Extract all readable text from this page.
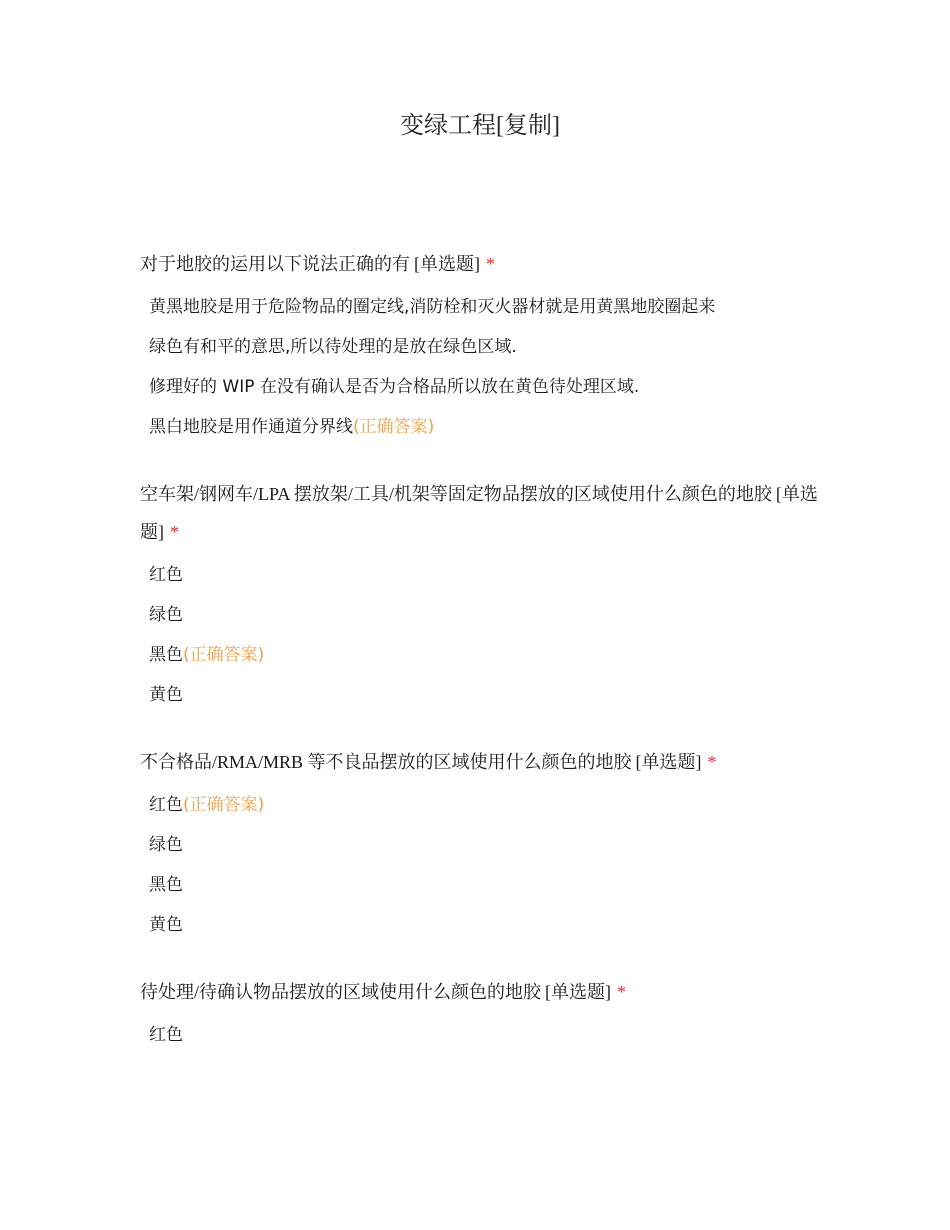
变绿工程[复制]
对于地胶的运用以下说法正确的有 [单选题] *
黄黑地胶是用于危险物品的圈定线,消防栓和灭火器材就是用黄黑地胶圈起来
绿色有和平的意思,所以待处理的是放在绿色区域.
修理好的 WIP 在没有确认是否为合格品所以放在黄色待处理区域.
黑白地胶是用作通道分界线(正确答案)
空车架/钢网车/LPA 摆放架/工具/机架等固定物品摆放的区域使用什么颜色的地胶 [单选题] *
红色
绿色
黑色(正确答案)
黄色
不合格品/RMA/MRB 等不良品摆放的区域使用什么颜色的地胶 [单选题] *
红色(正确答案)
绿色
黑色
黄色
待处理/待确认物品摆放的区域使用什么颜色的地胶 [单选题] *
红色
